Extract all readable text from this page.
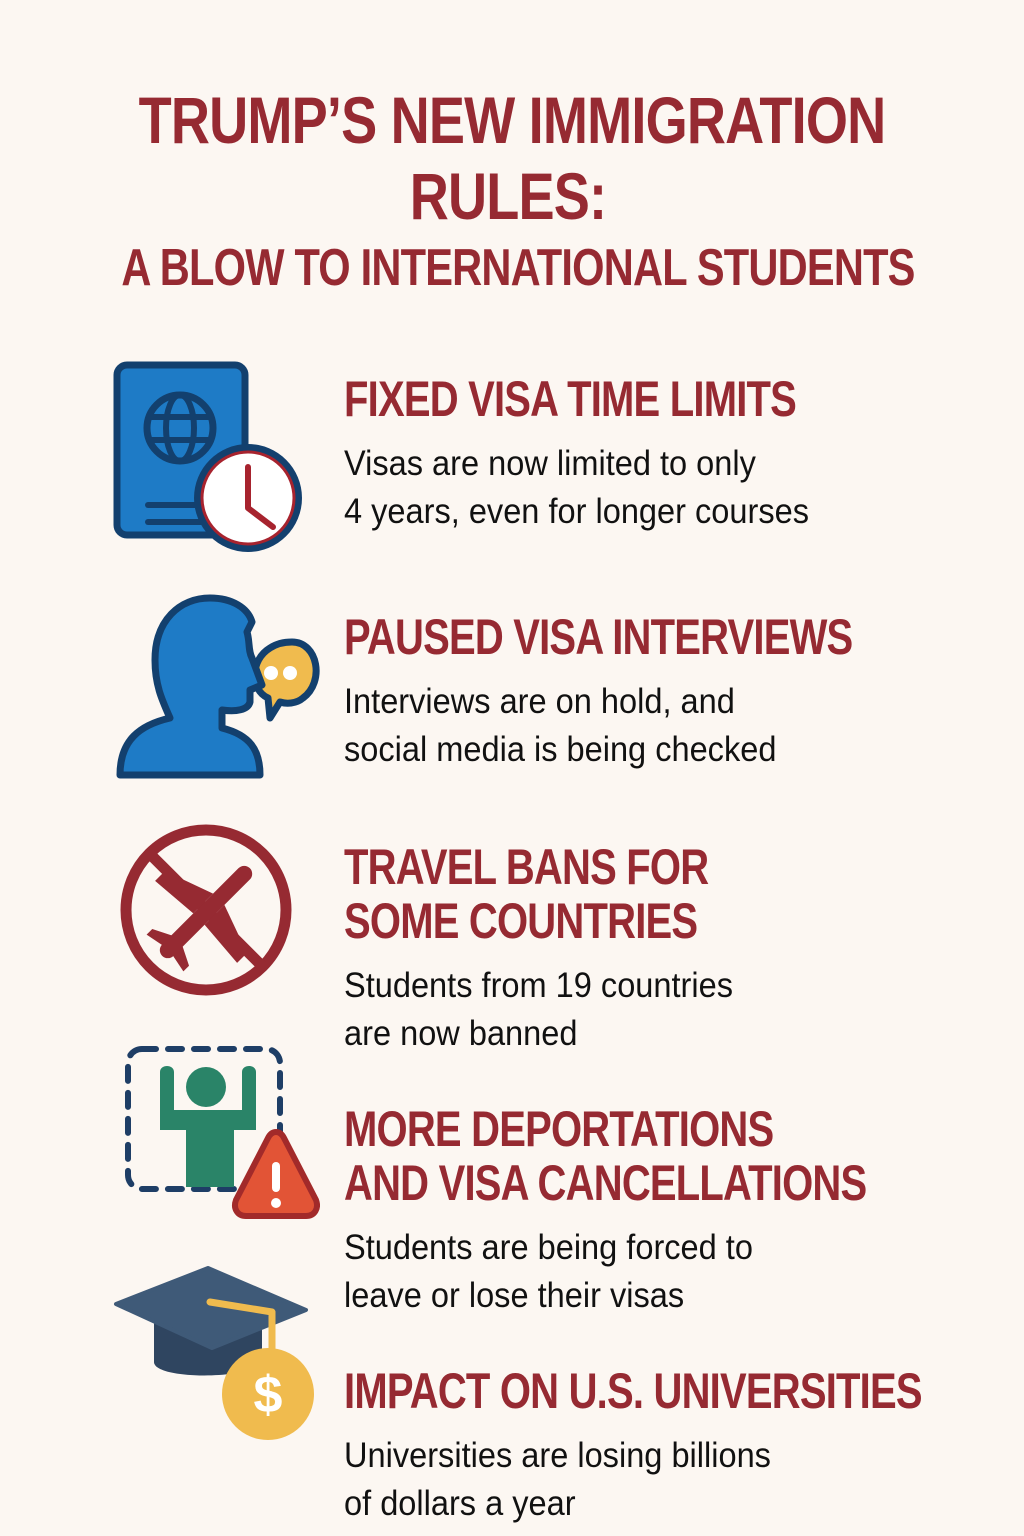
TRUMP’S NEW IMMIGRATION
RULES:
A BLOW TO INTERNATIONAL STUDENTS
FIXED VISA TIME LIMITS
Visas are now limited to only
4 years, even for longer courses
PAUSED VISA INTERVIEWS
Interviews are on hold, and
social media is being checked
TRAVEL BANS FOR
SOME COUNTRIES
Students from 19 countries
are now banned
MORE DEPORTATIONS
AND VISA CANCELLATIONS
Students are being forced to
leave or lose their visas
$ IMPACT ON U.S. UNIVERSITIES
Universities are losing billions
of dollars a year
